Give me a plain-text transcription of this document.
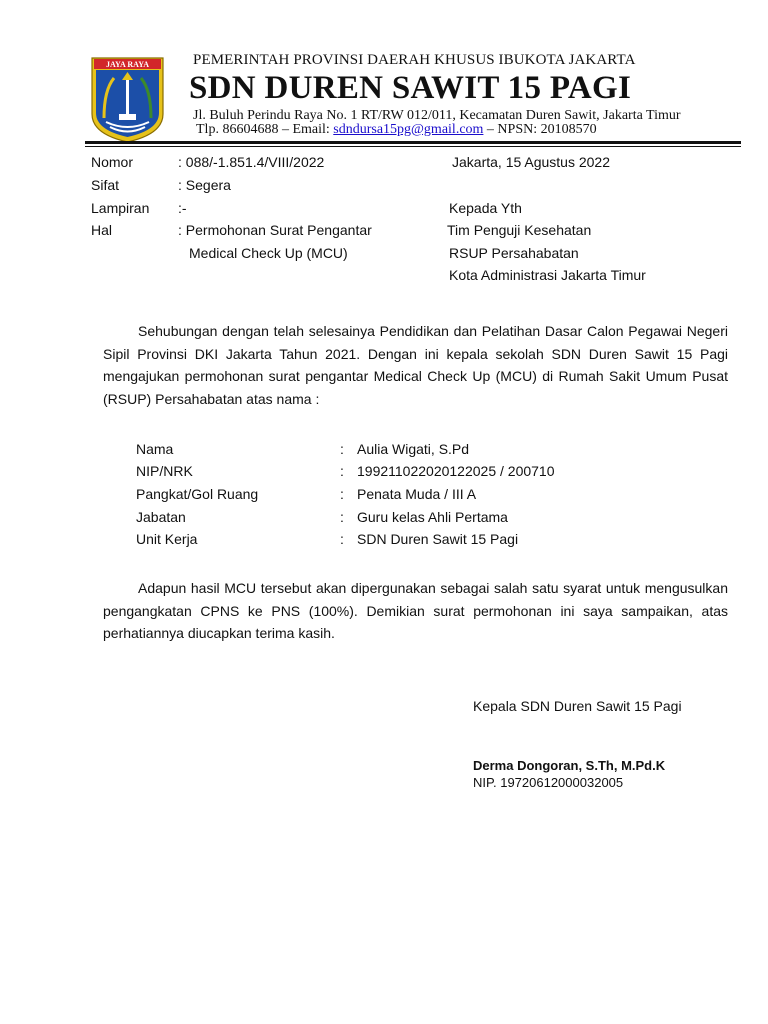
JAYA RAYA	PEMERINTAH PROVINSI DAERAH KHUSUS IBUKOTA JAKARTA
SDN DUREN SAWIT 15 PAGI
Jl. Buluh Perindu Raya No. 1 RT/RW 012/011, Kecamatan Duren Sawit, Jakarta Timur
Tlp. 86604688 – Email: sdndursa15pg@gmail.com – NPSN: 20108570
Nomor	: 088/-1.851.4/VIII/2022
Sifat	: Segera
Lampiran :-
Hal	: Permohonan Surat Pengantar
Medical Check Up (MCU)
Jakarta, 15 Agustus 2022
Kepada Yth
Tim Penguji Kesehatan
RSUP Persahabatan
Kota Administrasi Jakarta Timur
Sehubungan dengan telah selesainya Pendidikan dan Pelatihan Dasar Calon Pegawai Negeri Sipil Provinsi DKI Jakarta Tahun 2021. Dengan ini kepala sekolah SDN Duren Sawit 15 Pagi mengajukan permohonan surat pengantar Medical Check Up (MCU) di Rumah Sakit Umum Pusat (RSUP) Persahabatan atas nama :
Nama	: Aulia Wigati, S.Pd
NIP/NRK	: 199211022020122025 / 200710
Pangkat/Gol Ruang	: Penata Muda / III A
Jabatan	: Guru kelas Ahli Pertama
Unit Kerja	: SDN Duren Sawit 15 Pagi
Adapun hasil MCU tersebut akan dipergunakan sebagai salah satu syarat untuk mengusulkan pengangkatan CPNS ke PNS (100%). Demikian surat permohonan ini saya sampaikan, atas perhatiannya diucapkan terima kasih.
Kepala SDN Duren Sawit 15 Pagi
Derma Dongoran, S.Th, M.Pd.K
NIP. 19720612000032005
